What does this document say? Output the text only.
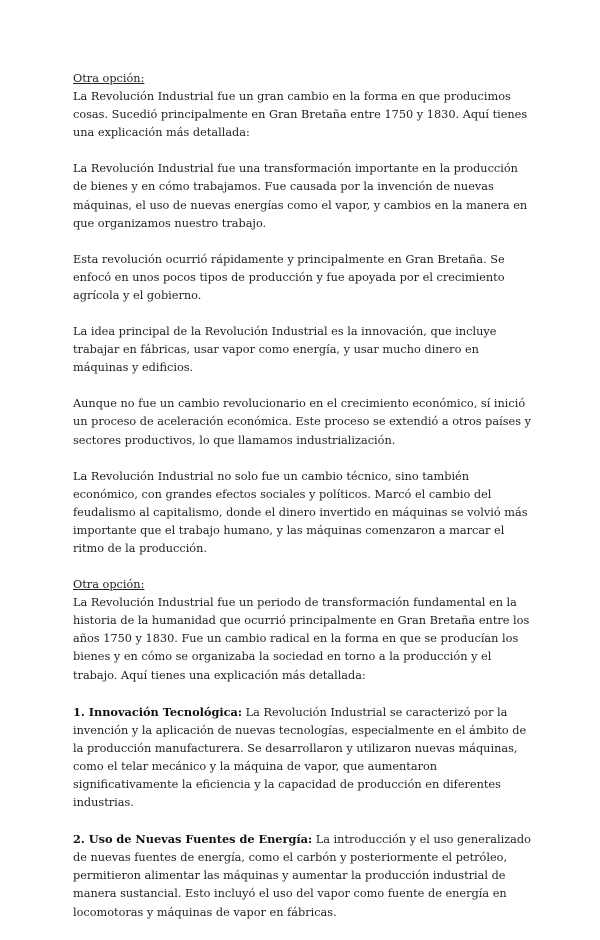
Otra opción:
La Revolución Industrial fue un gran cambio en la forma en que producimos cosas. Sucedió principalmente en Gran Bretaña entre 1750 y 1830. Aquí tienes una explicación más detallada:

La Revolución Industrial fue una transformación importante en la producción de bienes y en cómo trabajamos. Fue causada por la invención de nuevas máquinas, el uso de nuevas energías como el vapor, y cambios en la manera en que organizamos nuestro trabajo.

Esta revolución ocurrió rápidamente y principalmente en Gran Bretaña. Se enfocó en unos pocos tipos de producción y fue apoyada por el crecimiento agrícola y el gobierno.

La idea principal de la Revolución Industrial es la innovación, que incluye trabajar en fábricas, usar vapor como energía, y usar mucho dinero en máquinas y edificios.

Aunque no fue un cambio revolucionario en el crecimiento económico, sí inició un proceso de aceleración económica. Este proceso se extendió a otros países y sectores productivos, lo que llamamos industrialización.

La Revolución Industrial no solo fue un cambio técnico, sino también económico, con grandes efectos sociales y políticos. Marcó el cambio del feudalismo al capitalismo, donde el dinero invertido en máquinas se volvió más importante que el trabajo humano, y las máquinas comenzaron a marcar el ritmo de la producción.

Otra opción:
La Revolución Industrial fue un periodo de transformación fundamental en la historia de la humanidad que ocurrió principalmente en Gran Bretaña entre los años 1750 y 1830. Fue un cambio radical en la forma en que se producían los bienes y en cómo se organizaba la sociedad en torno a la producción y el trabajo. Aquí tienes una explicación más detallada:

1. Innovación Tecnológica: La Revolución Industrial se caracterizó por la invención y la aplicación de nuevas tecnologías, especialmente en el ámbito de la producción manufacturera. Se desarrollaron y utilizaron nuevas máquinas, como el telar mecánico y la máquina de vapor, que aumentaron significativamente la eficiencia y la capacidad de producción en diferentes industrias.

2. Uso de Nuevas Fuentes de Energía: La introducción y el uso generalizado de nuevas fuentes de energía, como el carbón y posteriormente el petróleo, permitieron alimentar las máquinas y aumentar la producción industrial de manera sustancial. Esto incluyó el uso del vapor como fuente de energía en locomotoras y máquinas de vapor en fábricas.
